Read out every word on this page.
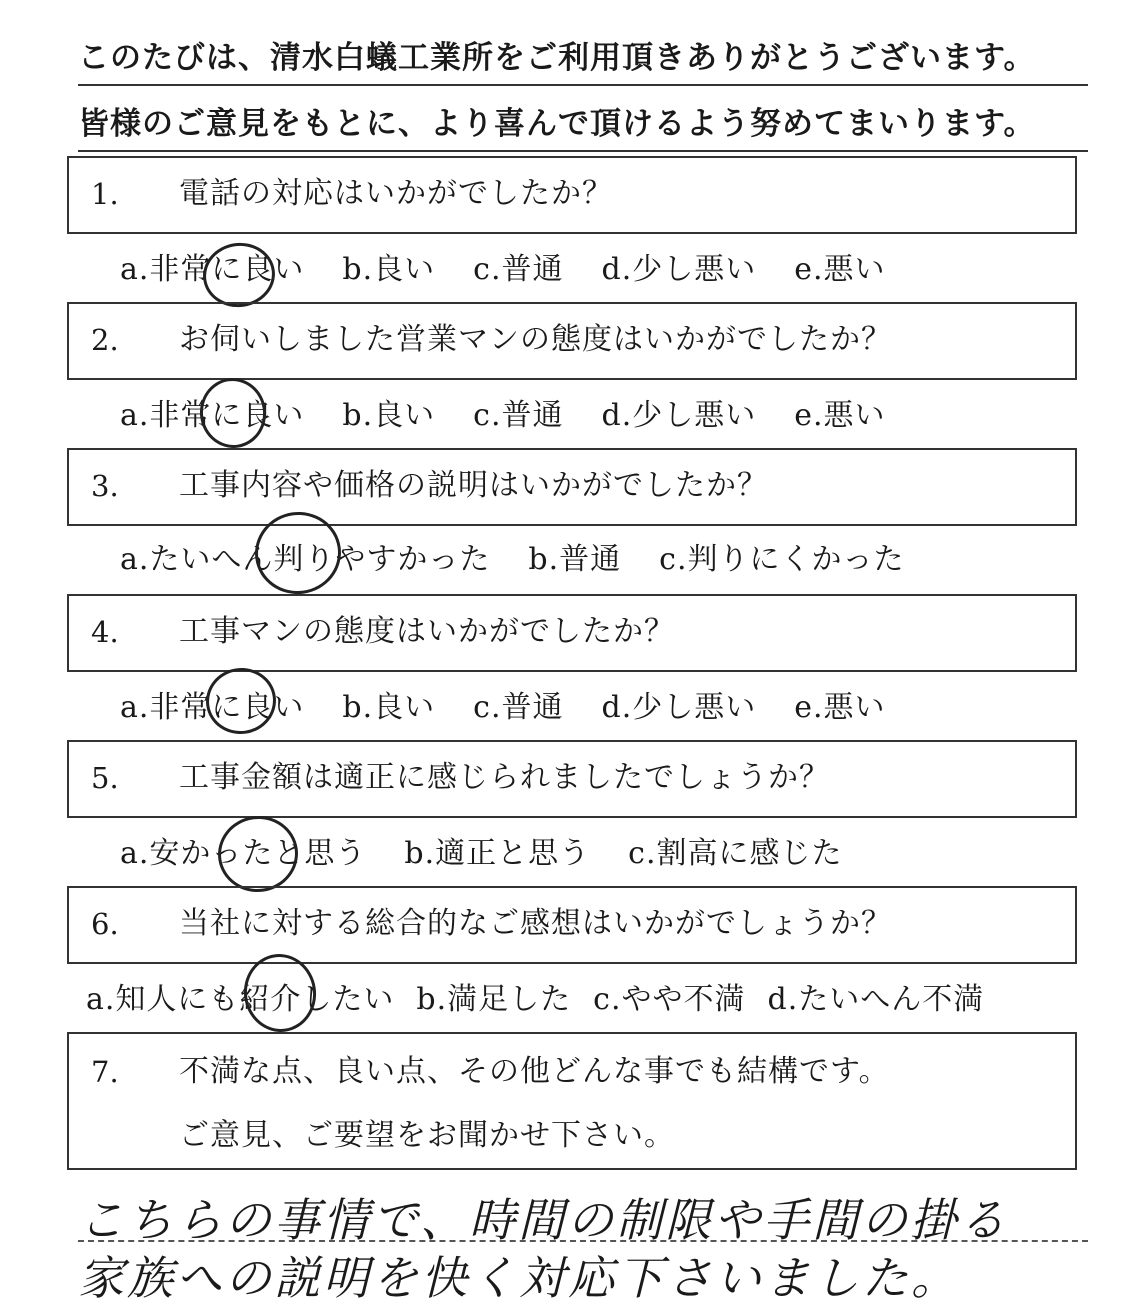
このたびは、清水白蟻工業所をご利用頂きありがとうございます。
皆様のご意見をもとに、より喜んで頂けるよう努めてまいります。
1. 電話の対応はいかがでしたか？
a.非常に良い b.良い c.普通 d.少し悪い e.悪い
2. お伺いしました営業マンの態度はいかがでしたか？
a.非常に良い b.良い c.普通 d.少し悪い e.悪い
3. 工事内容や価格の説明はいかがでしたか？
a.たいへん判りやすかった b.普通 c.判りにくかった
4. 工事マンの態度はいかがでしたか？
a.非常に良い b.良い c.普通 d.少し悪い e.悪い
5. 工事金額は適正に感じられましたでしょうか？
a.安かったと思う b.適正と思う c.割高に感じた
6. 当社に対する総合的なご感想はいかがでしょうか？
a.知人にも紹介したい b.満足した c.やや不満 d.たいへん不満
7. 不満な点、良い点、その他どんな事でも結構です。
ご意見、ご要望をお聞かせ下さい。
こちらの事情で、時間の制限や手間の掛る
家族への説明を快く対応下さいました。
